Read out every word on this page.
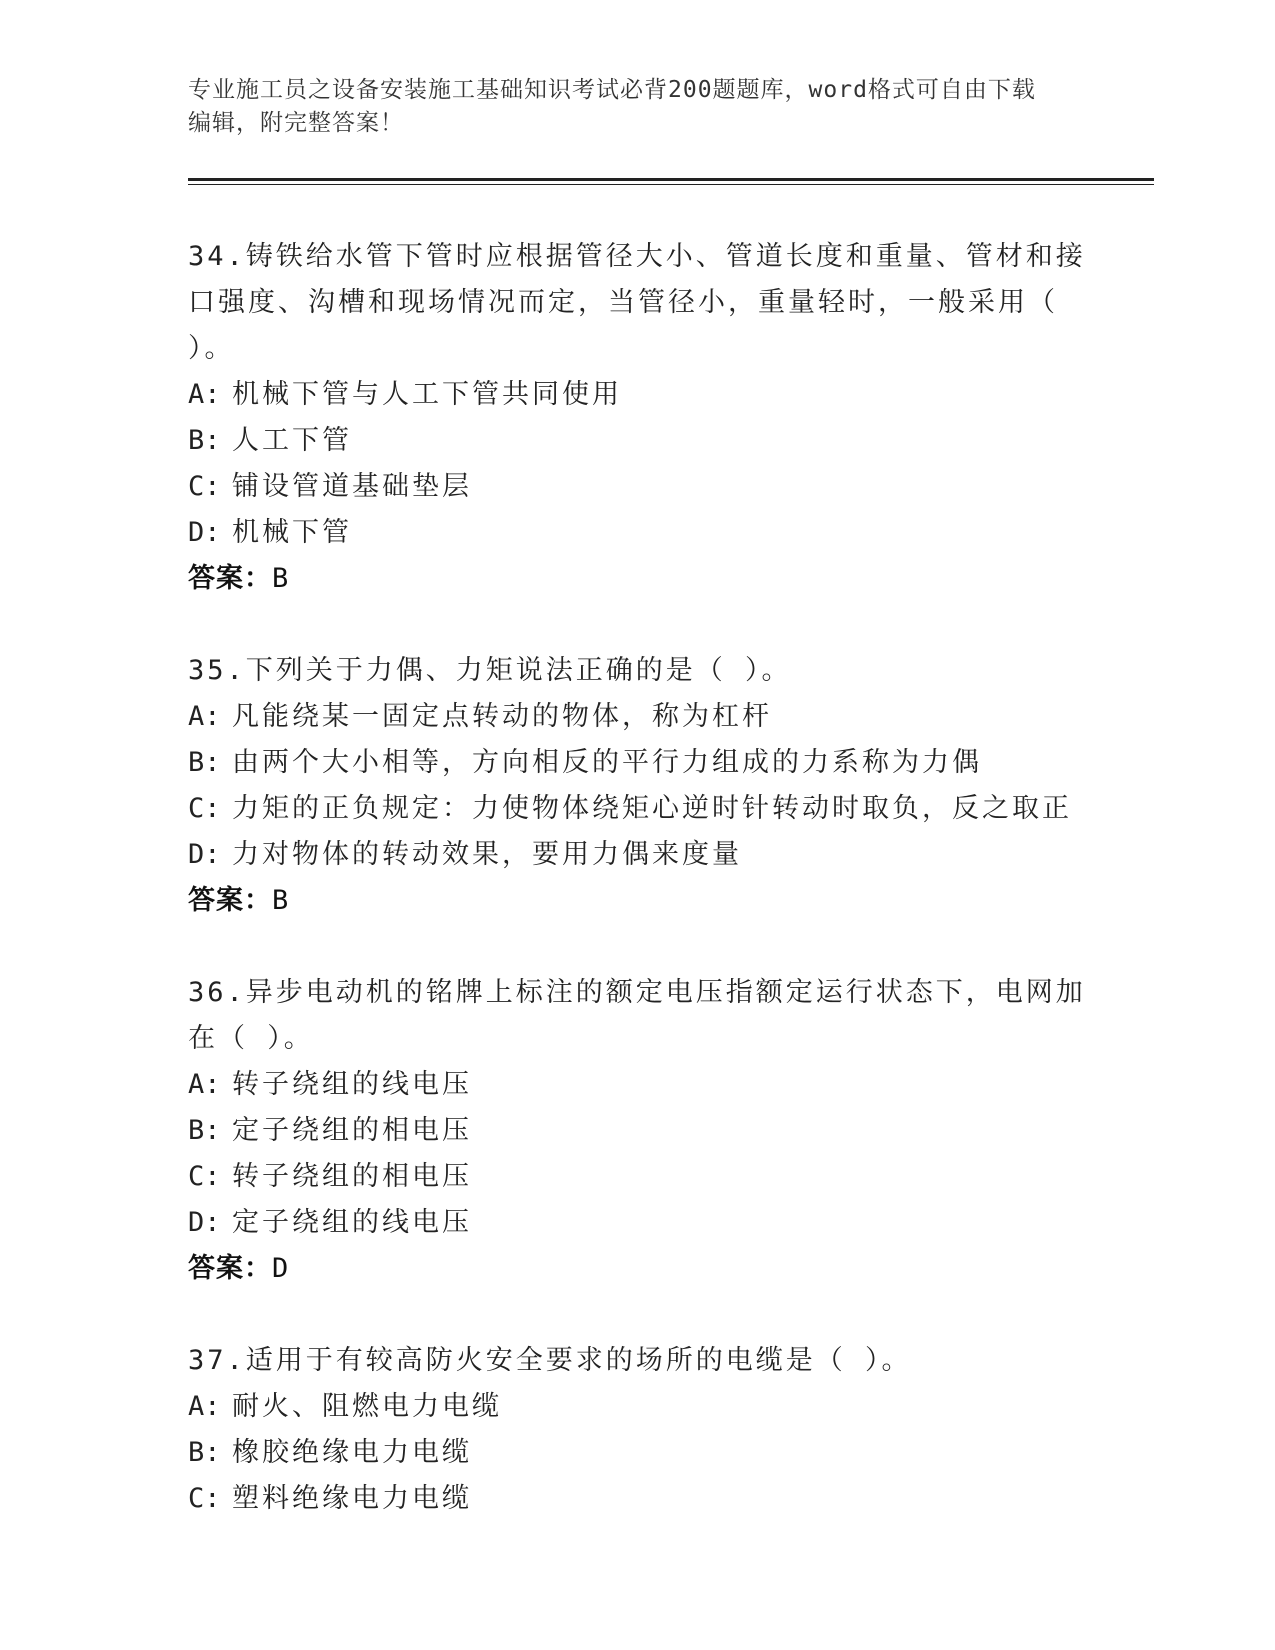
专业施工员之设备安装施工基础知识考试必背200题题库，word格式可自由下载
编辑，附完整答案！
34.铸铁给水管下管时应根据管径大小、管道长度和重量、管材和接口强度、沟槽和现场情况而定，当管径小，重量轻时，一般采用（ ）。
A: 机械下管与人工下管共同使用
B: 人工下管
C: 铺设管道基础垫层
D: 机械下管
答案：B
35.下列关于力偶、力矩说法正确的是（ ）。
A: 凡能绕某一固定点转动的物体，称为杠杆
B: 由两个大小相等，方向相反的平行力组成的力系称为力偶
C: 力矩的正负规定：力使物体绕矩心逆时针转动时取负，反之取正
D: 力对物体的转动效果，要用力偶来度量
答案：B
36.异步电动机的铭牌上标注的额定电压指额定运行状态下，电网加在（ ）。
A: 转子绕组的线电压
B: 定子绕组的相电压
C: 转子绕组的相电压
D: 定子绕组的线电压
答案：D
37.适用于有较高防火安全要求的场所的电缆是（ ）。
A: 耐火、阻燃电力电缆
B: 橡胶绝缘电力电缆
C: 塑料绝缘电力电缆
